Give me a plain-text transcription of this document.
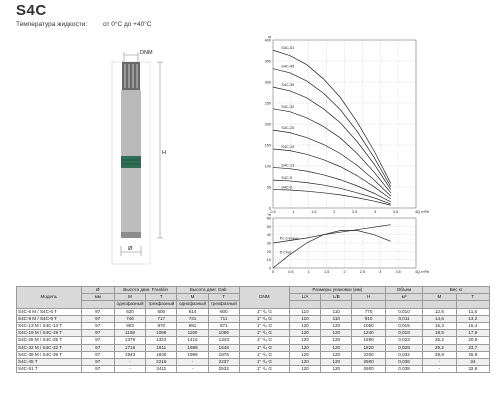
S4C
Температура жидкости: от 0°С до +40°С
DNM
H
Ø
0
50
100
150
200
250
300
350
400
0,5	1	1,5	2	2,5	3	3,5	4
м
Q m³/h
S4C-51
S4C-45
S4C-39
S4C-32
S4C-25
S4C-19
S4C-13
S4C-9
S4C-6
0
10
20
30
40
50
60
0	0,5	1	1,5	2	2,5	3	3,5	4
%
Q m³/h
Рс ступень
Ŋ ступ.
Модель	Ø	Высота двиг. Franklin		Высота двиг. Dab		DNM	Размеры упаковки (мм)			Объем	Вес кг	
	мм	М	Т	М	Т		L/A	L/B	H	м³	М	Т
		однофазный	трехфазный	однофазный	трехфазный							
S4C-6 M / S4C-6 T	97	620	600	614	600	1" ¹/₄ G	110	110	770	0,010	12,6	11,5
S4C-9 M / S4C-9 T	97	746	717	741	711	1" ¹/₄ G	110	110	910	0,011	14,6	13,2
S4C-13 M / S4C-13 T	97	903	870	891	871	1" ¹/₄ G	120	120	1050	0,015	15,3	15,4
S4C-19 M / S4C-19 T	97	1158	1098	1160	1086	1" ¹/₄ G	120	120	1240	0,018	18,5	17,8
S4C-25 M / S4C-25 T	97	1379	1322	1415	1343	1" ¹/₄ G	120	120	1590	0,023	25,2	20,5
S4C-32 M / S4C-32 T	97	1716	1611	1698	1648	1" ¹/₄ G	120	120	1820	0,028	29,2	23,7
S4C-39 M / S4C-39 T	97	1943	1830	1996	1876	1" ¹/₄ G	120	120	2200	0,032	29,8	25,9
S4C-45 T	97	-	2216	-	2237	1" ¹/₄ G	120	120	2500	0,036	-	34
S4C-51 T	97	-	2411	-	2532	1" ¹/₄ G	120	120	2600	0,038	-	32,6
